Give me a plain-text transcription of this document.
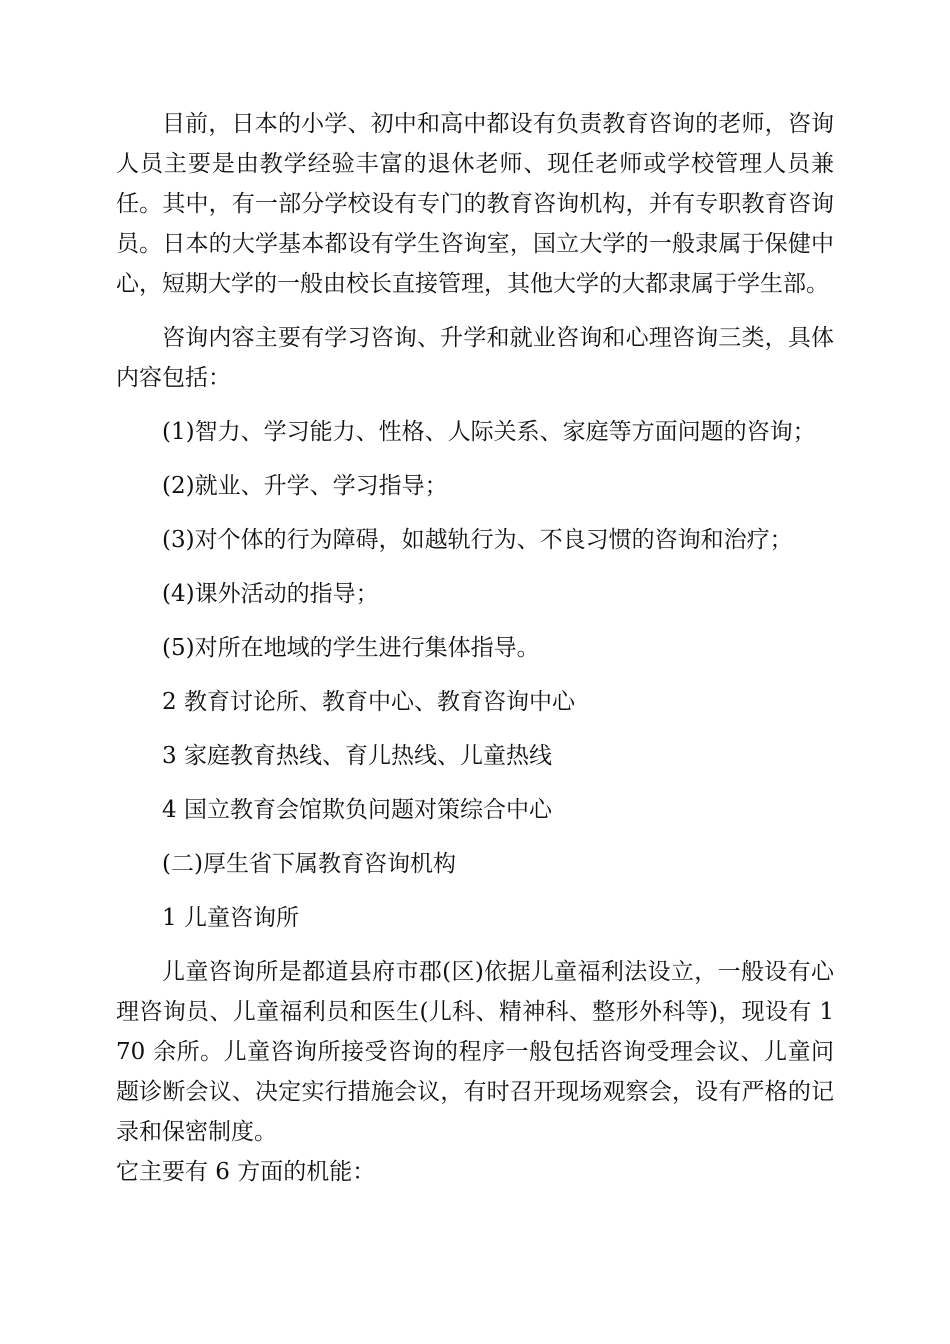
目前，日本的小学、初中和高中都设有负责教育咨询的老师，咨询人员主要是由教学经验丰富的退休老师、现任老师或学校管理人员兼任。其中，有一部分学校设有专门的教育咨询机构，并有专职教育咨询员。日本的大学基本都设有学生咨询室，国立大学的一般隶属于保健中心，短期大学的一般由校长直接管理，其他大学的大都隶属于学生部。

咨询内容主要有学习咨询、升学和就业咨询和心理咨询三类，具体内容包括：

(1)智力、学习能力、性格、人际关系、家庭等方面问题的咨询；

(2)就业、升学、学习指导；

(3)对个体的行为障碍，如越轨行为、不良习惯的咨询和治疗；

(4)课外活动的指导；

(5)对所在地域的学生进行集体指导。

2 教育讨论所、教育中心、教育咨询中心

3 家庭教育热线、育儿热线、儿童热线

4 国立教育会馆欺负问题对策综合中心

(二)厚生省下属教育咨询机构

1 儿童咨询所

儿童咨询所是都道县府市郡(区)依据儿童福利法设立，一般设有心理咨询员、儿童福利员和医生(儿科、精神科、整形外科等)，现设有 170 余所。儿童咨询所接受咨询的程序一般包括咨询受理会议、儿童问题诊断会议、决定实行措施会议，有时召开现场观察会，设有严格的记录和保密制度。

它主要有 6 方面的机能：
